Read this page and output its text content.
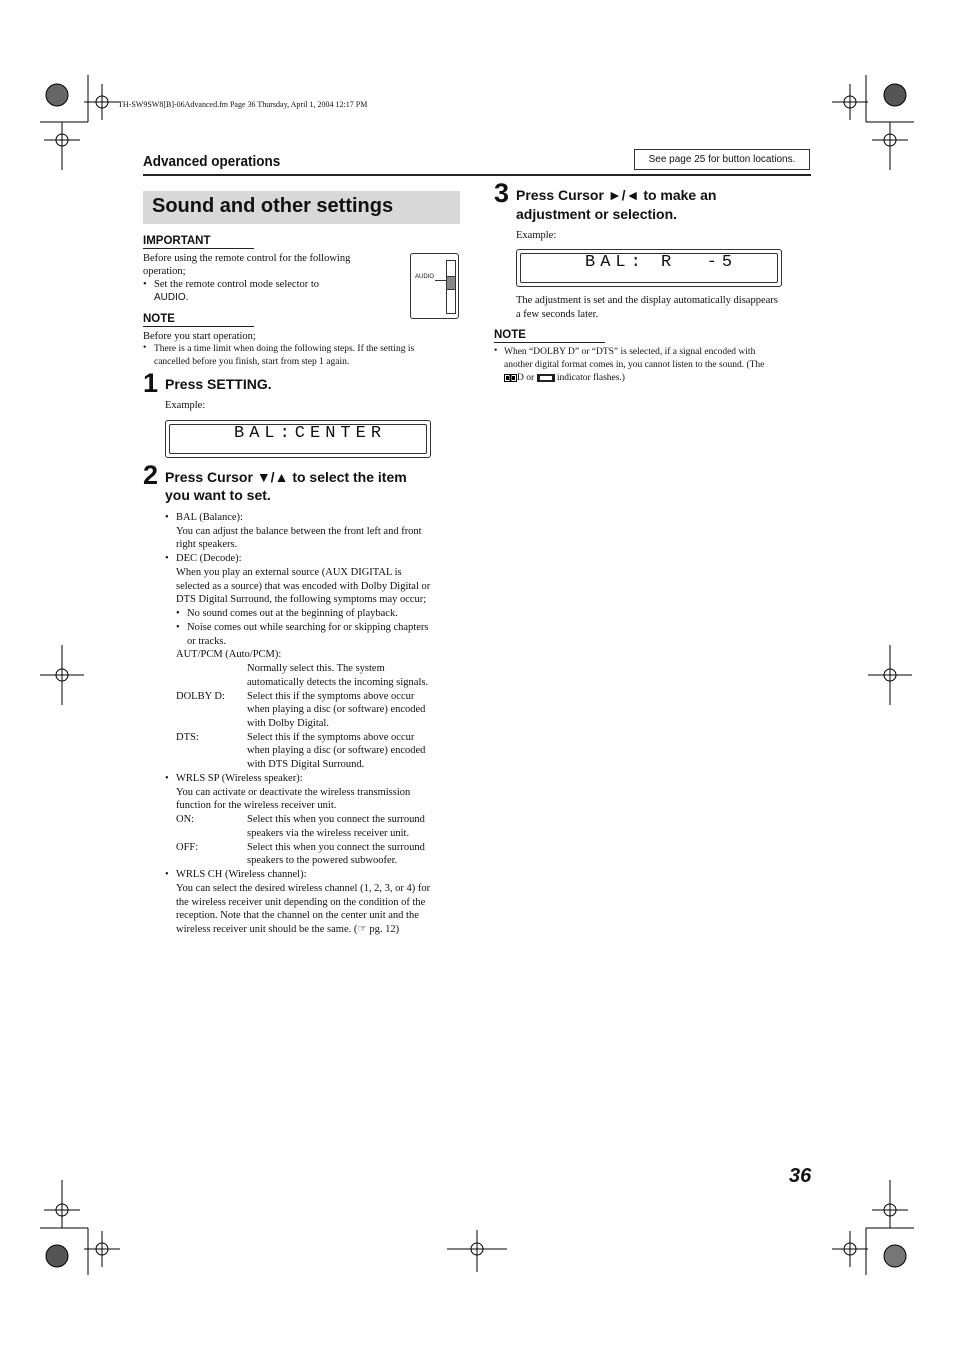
TH-SW9SW8[B]-06Advanced.fm Page 36 Thursday, April 1, 2004 12:17 PM
Advanced operations	See page 25 for button locations.
Sound and other settings
IMPORTANT
Before using the remote control for the following
operation;
• Set the remote control mode selector to
AUDIO.
AUDIO
NOTE
Before you start operation;
• There is a time limit when doing the following steps. If the setting is
cancelled before you finish, start from step 1 again.
1 Press SETTING.
Example:
BAL:CENTER
2 Press Cursor ▼/▲ to select the item
you want to set.
• BAL (Balance):
You can adjust the balance between the front left and front
right speakers.
• DEC (Decode):
When you play an external source (AUX DIGITAL is
selected as a source) that was encoded with Dolby Digital or
DTS Digital Surround, the following symptoms may occur;
• No sound comes out at the beginning of playback.
• Noise comes out while searching for or skipping chapters
or tracks.
AUT/PCM (Auto/PCM):
Normally select this. The system
automatically detects the incoming signals.
DOLBY D: Select this if the symptoms above occur
when playing a disc (or software) encoded
with Dolby Digital.
DTS:	Select this if the symptoms above occur
when playing a disc (or software) encoded
with DTS Digital Surround.
• WRLS SP (Wireless speaker):
You can activate or deactivate the wireless transmission
function for the wireless receiver unit.
ON:	Select this when you connect the surround
speakers via the wireless receiver unit.
OFF:	Select this when you connect the surround
speakers to the powered subwoofer.
• WRLS CH (Wireless channel):
You can select the desired wireless channel (1, 2, 3, or 4) for
the wireless receiver unit depending on the condition of the
reception. Note that the channel on the center unit and the
wireless receiver unit should be the same. (☞ pg. 12)
3 Press Cursor ►/◄ to make an
adjustment or selection.
Example:
BAL: R  -5
The adjustment is set and the display automatically disappears
a few seconds later.
NOTE
• When “DOLBY D” or “DTS” is selected, if a signal encoded with
another digital format comes in, you cannot listen to the sound. (The
D or indicator flashes.)
36
